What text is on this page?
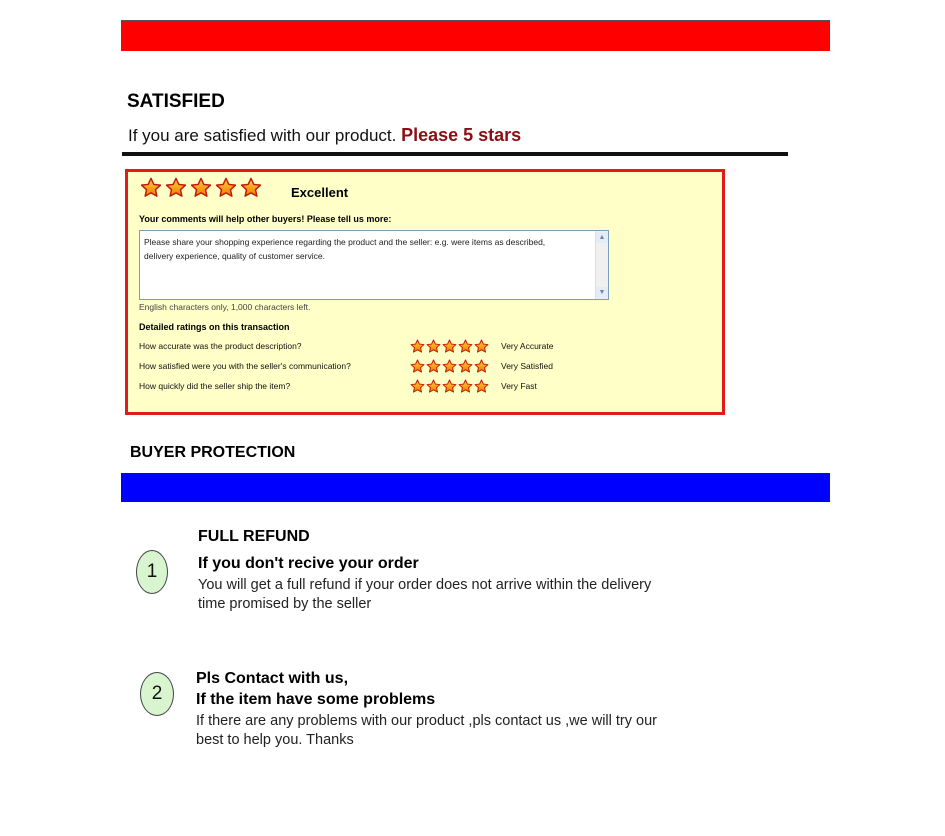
SATISFIED
If you are satisfied with our product. Please 5 stars
Excellent
Your comments will help other buyers! Please tell us more:
Please share your shopping experience regarding the product and the seller: e.g. were items as described, delivery experience, quality of customer service.
▲
▼
English characters only, 1,000 characters left.
Detailed ratings on this transaction
How accurate was the product description?	Very Accurate
How satisfied were you with the seller's communication?	Very Satisfied
How quickly did the seller ship the item?	Very Fast
BUYER PROTECTION
1
FULL REFUND
If you don't recive your order
You will get a full refund if your order does not arrive within the delivery time promised by the seller
2
Pls Contact with us,
If the item have some problems
If there are any problems with our product ,pls contact us ,we will try our best to help you. Thanks
